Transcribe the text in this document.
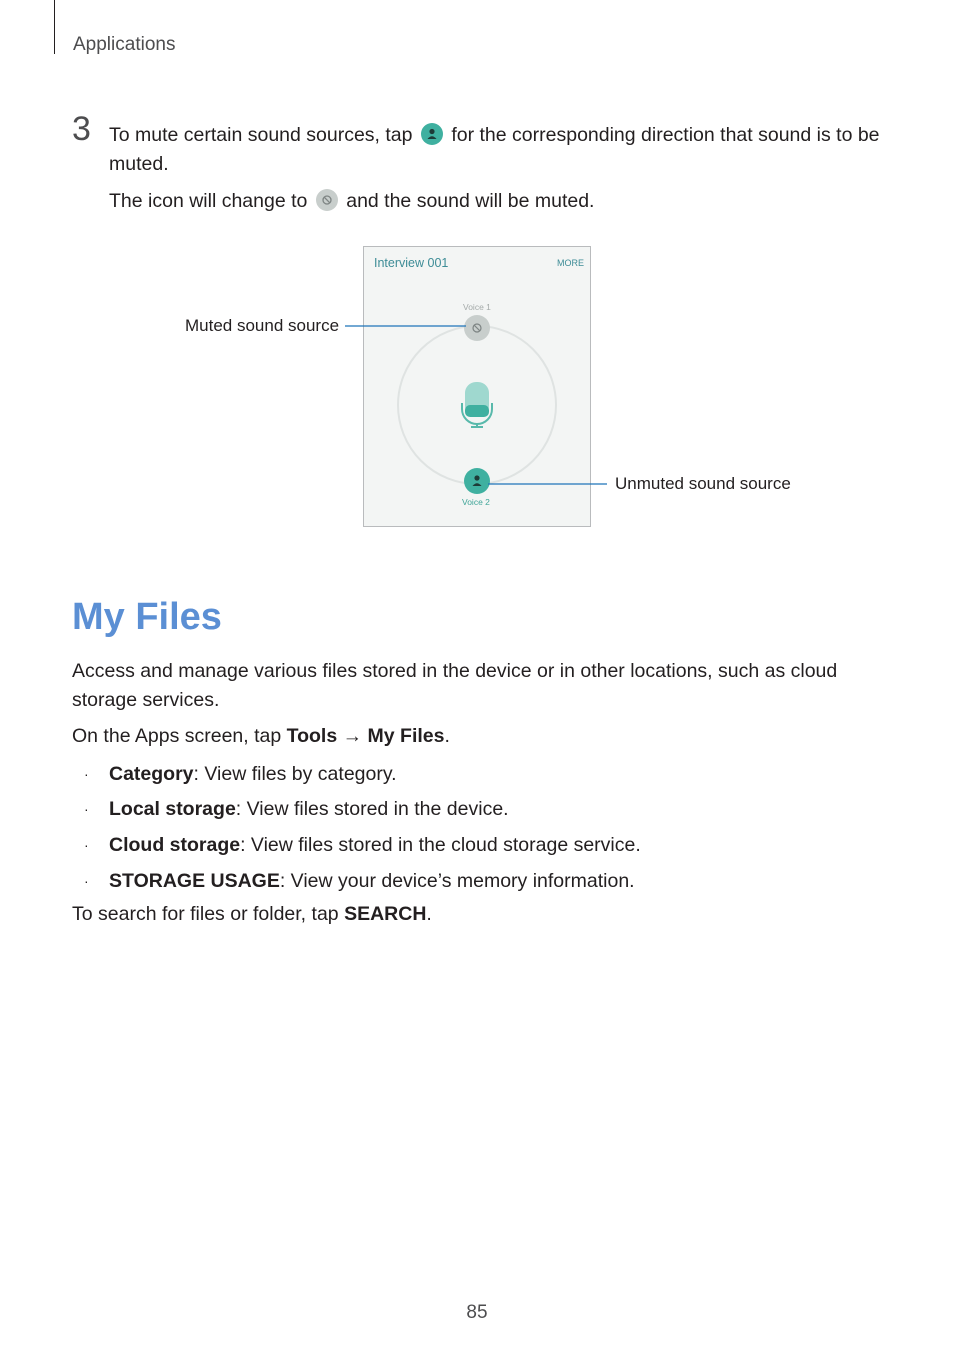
Applications
3 To mute certain sound sources, tap for the corresponding direction that sound is to be muted.
The icon will change to and the sound will be muted.
Interview 001	MORE
Voice 1
Voice 2
Muted sound source
Unmuted sound source
My Files
Access and manage various files stored in the device or in other locations, such as cloud storage services.
On the Apps screen, tap Tools → My Files.
· Category: View files by category.
· Local storage: View files stored in the device.
· Cloud storage: View files stored in the cloud storage service.
· STORAGE USAGE: View your device’s memory information.
To search for files or folder, tap SEARCH.
85
